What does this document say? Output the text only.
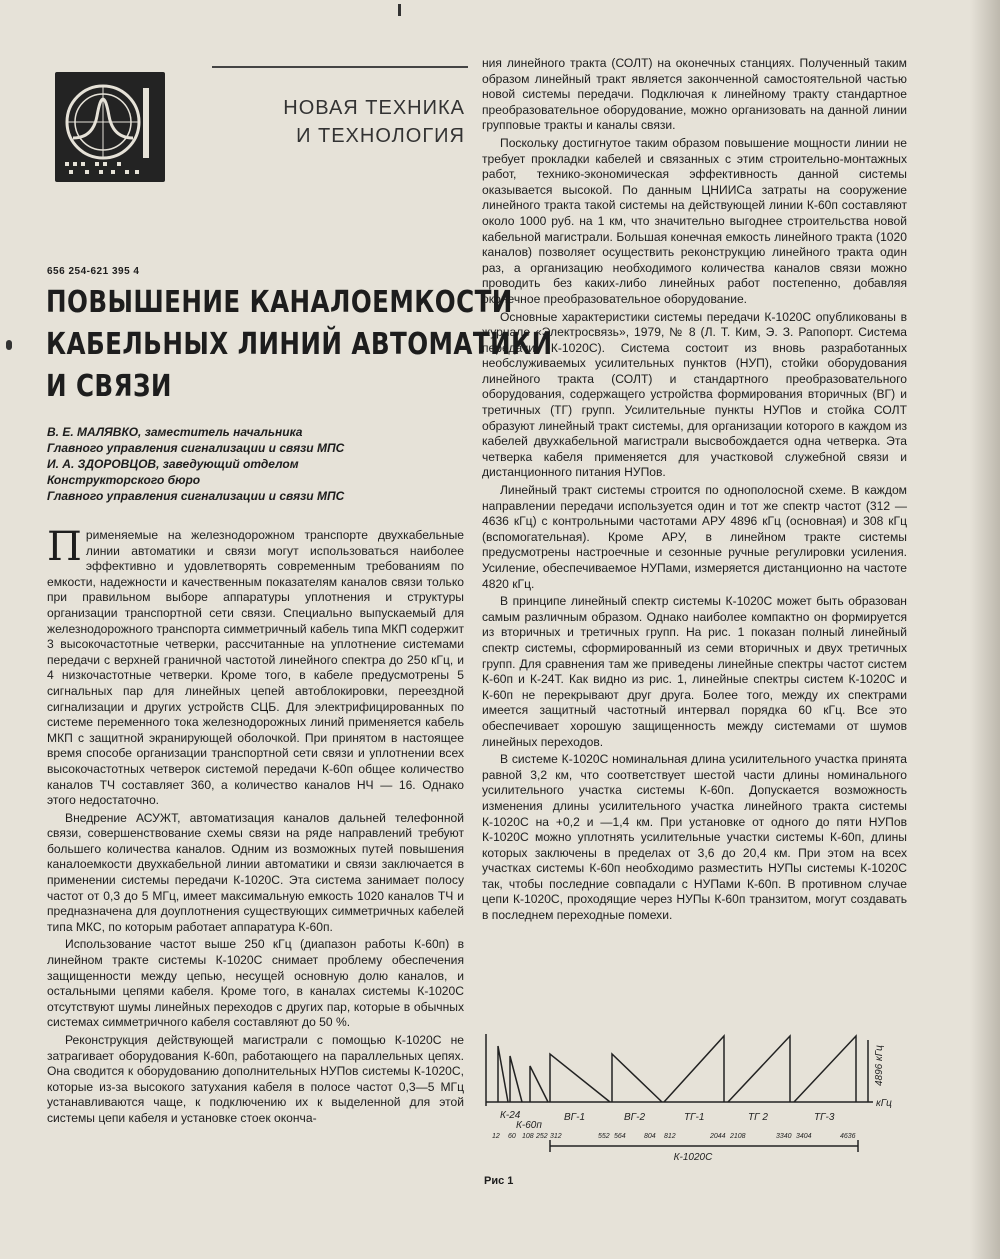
НОВАЯ ТЕХНИКА
И ТЕХНОЛОГИЯ
656 254-621 395 4
ПОВЫШЕНИЕ КАНАЛОЕМКОСТИ
КАБЕЛЬНЫХ ЛИНИЙ АВТОМАТИКИ
И СВЯЗИ
В. Е. МАЛЯВКО, заместитель начальника
Главного управления сигнализации и связи МПС
И. А. ЗДОРОВЦОВ, заведующий отделом
Конструкторского бюро
Главного управления сигнализации и связи МПС

Применяемые на железнодорожном транспорте двухкабельные линии автоматики и связи могут использоваться наиболее эффективно и удовлетворять современным требованиям по емкости, надежности и качественным показателям каналов связи только при правильном выборе аппаратуры уплотнения и структуры организации транспортной сети связи. Специально выпускаемый для железнодорожного транспорта симметричный кабель типа МКП содержит 3 высокочастотные четверки, рассчитанные на уплотнение системами передачи с верхней граничной частотой линейного спектра до 250 кГц, и 4 низкочастотные четверки. Кроме того, в кабеле предусмотрены 5 сигнальных пар для линейных цепей автоблокировки, переездной сигнализации и других устройств СЦБ. Для электрифицированных по системе переменного тока железнодорожных линий применяется кабель МКП с защитной экранирующей оболочкой. При принятом в настоящее время способе организации транспортной сети связи и уплотнении всех высокочастотных четверок системой передачи К-60п общее количество каналов ТЧ составляет 360, а количество каналов НЧ — 16. Однако этого недостаточно.

Внедрение АСУЖТ, автоматизация каналов дальней телефонной связи, совершенствование схемы связи на ряде направлений требуют большего количества каналов. Одним из возможных путей повышения каналоемкости двухкабельной линии автоматики и связи заключается в применении системы передачи К-1020С. Эта система занимает полосу частот от 0,3 до 5 МГц, имеет максимальную емкость 1020 каналов ТЧ и предназначена для доуплотнения существующих симметричных кабелей типа МКС, по которым работает аппаратура К-60п.

Использование частот выше 250 кГц (диапазон работы К-60п) в линейном тракте системы К-1020С снимает проблему обеспечения защищенности между цепью, несущей основную долю каналов, и остальными цепями кабеля. Кроме того, в каналах системы К-1020С отсутствуют шумы линейных переходов с других пар, которые в обычных системах симметричного кабеля составляют до 50 %.

Реконструкция действующей магистрали с помощью К-1020С не затрагивает оборудования К-60п, работающего на параллельных цепях. Она сводится к оборудованию дополнительных НУПов системы К-1020С, которые из-за высокого затухания кабеля в полосе частот 0,3—5 МГц устанавливаются чаще, к подключению их к выделенной для этой системы цепи кабеля и установке стоек оконча-

ния линейного тракта (СОЛТ) на оконечных станциях. Полученный таким образом линейный тракт является законченной самостоятельной частью новой системы передачи. Подключая к линейному тракту стандартное преобразовательное оборудование, можно организовать на данной линии групповые тракты и каналы связи.

Поскольку достигнутое таким образом повышение мощности линии не требует прокладки кабелей и связанных с этим строительно-монтажных работ, технико-экономическая эффективность данной системы оказывается высокой. По данным ЦНИИСа затраты на сооружение линейного тракта такой системы на действующей линии К-60п составляют около 1000 руб. на 1 км, что значительно выгоднее строительства новой кабельной магистрали. Большая конечная емкость линейного тракта (1020 каналов) позволяет осуществить реконструкцию линейного тракта один раз, а организацию необходимого количества каналов связи можно проводить без каких-либо линейных работ постепенно, добавляя оконечное преобразовательное оборудование.

Основные характеристики системы передачи К-1020С опубликованы в журнале «Электросвязь», 1979, № 8 (Л. Т. Ким, Э. З. Рапопорт. Система передачи К-1020С). Система состоит из вновь разработанных необслуживаемых усилительных пунктов (НУП), стойки оборудования линейного тракта (СОЛТ) и стандартного преобразовательного оборудования, содержащего устройства формирования вторичных (ВГ) и третичных (ТГ) групп. Усилительные пункты НУПов и стойка СОЛТ образуют линейный тракт системы, для организации которого в каждом из кабелей двухкабельной магистрали высвобождается одна четверка. Эта четверка кабеля применяется для участковой служебной связи и дистанционного питания НУПов.

Линейный тракт системы строится по однополосной схеме. В каждом направлении передачи используется один и тот же спектр частот (312 — 4636 кГц) с контрольными частотами АРУ 4896 кГц (основная) и 308 кГц (вспомогательная). Кроме АРУ, в линейном тракте системы предусмотрены настроечные и сезонные ручные регулировки усиления. Усиление, обеспечиваемое НУПами, измеряется дистанционно на частоте 4820 кГц.

В принципе линейный спектр системы К-1020С может быть образован самым различным образом. Однако наиболее компактно он формируется из вторичных и третичных групп. На рис. 1 показан полный линейный спектр системы, сформированный из семи вторичных и двух третичных групп. Для сравнения там же приведены линейные спектры частот систем К-60п и К-24Т. Как видно из рис. 1, линейные спектры систем К-1020С и К-60п не перекрывают друг друга. Более того, между их спектрами имеется защитный частотный интервал порядка 60 кГц. Все это обеспечивает хорошую защищенность между системами от шумов линейных переходов.

В системе К-1020С номинальная длина усилительного участка принята равной 3,2 км, что соответствует шестой части длины номинального усилительного участка системы К-60п. Допускается возможность изменения длины усилительного участка линейного тракта системы К-1020С на +0,2 и —1,4 км. При установке от одного до пяти НУПов К-1020С можно уплотнять усилительные участки системы К-60п, длины которых заключены в пределах от 3,6 до 20,4 км. При этом на всех участках системы К-60п необходимо разместить НУПы системы К-1020С так, чтобы последние совпадали с НУПами К-60п. В противном случае цепи К-1020С, проходящие через НУПы К-60п транзитом, могут создавать в последнем переходные помехи.

кГц
К-1020С
4896 кГц
К-24
К-60п
ВГ-1	ВГ-2	ТГ-1	ТГ 2	ТГ-3
12 60 108 252 312	552 564	804 812	2044 2108	3340 3404	4636
Рис 1
